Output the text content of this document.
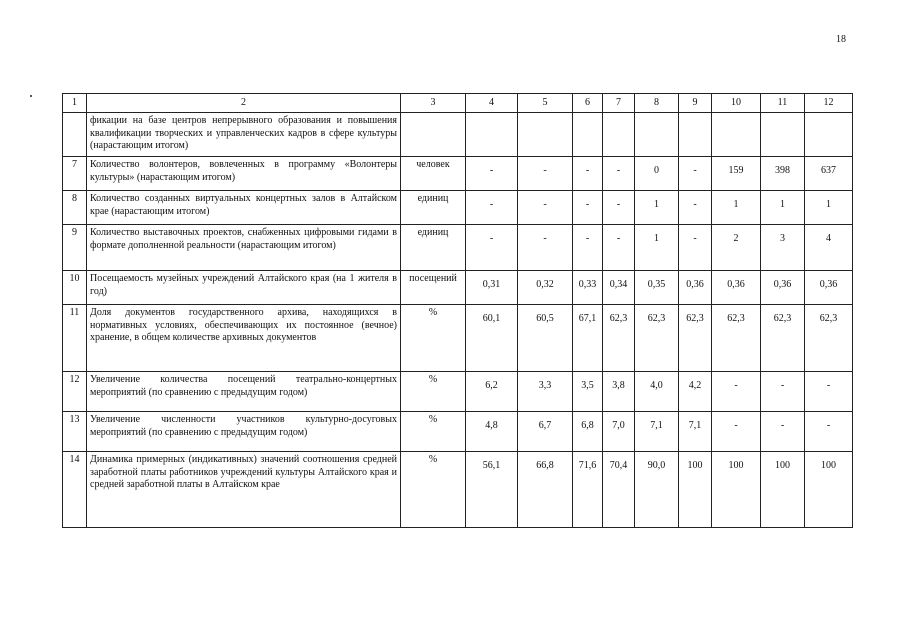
18
1	2	3	4	5	6	7	8	9	10	11	12
	фикации на базе центров непрерывного образования и повышения квалификации творческих и управленческих кадров в сфере культуры (нарастающим итогом)										
7	Количество волонтеров, вовлеченных в программу «Волонтеры культуры» (нарастающим итогом)	человек	-	-	-	-	0	-	159	398	637
8	Количество созданных виртуальных концертных залов в Алтайском крае (нарастающим итогом)	единиц	-	-	-	-	1	-	1	1	1
9	Количество выставочных проектов, снабженных цифровыми гидами в формате дополненной реальности (нарастающим итогом)	единиц	-	-	-	-	1	-	2	3	4
10	Посещаемость музейных учреждений Алтайского края (на 1 жителя в год)	посещений	0,31	0,32	0,33	0,34	0,35	0,36	0,36	0,36	0,36
11	Доля документов государственного архива, находящихся в нормативных условиях, обеспечивающих их постоянное (вечное) хранение, в общем количестве архивных документов	%	60,1	60,5	67,1	62,3	62,3	62,3	62,3	62,3	62,3
12	Увеличение количества посещений театрально-концертных мероприятий (по сравнению с предыдущим годом)	%	6,2	3,3	3,5	3,8	4,0	4,2	-	-	-
13	Увеличение численности участников культурно-досуговых мероприятий (по сравнению с предыдущим годом)	%	4,8	6,7	6,8	7,0	7,1	7,1	-	-	-
14	Динамика примерных (индикативных) значений соотношения средней заработной платы работников учреждений культуры Алтайского края и средней заработной платы в Алтайском крае	%	56,1	66,8	71,6	70,4	90,0	100	100	100	100
